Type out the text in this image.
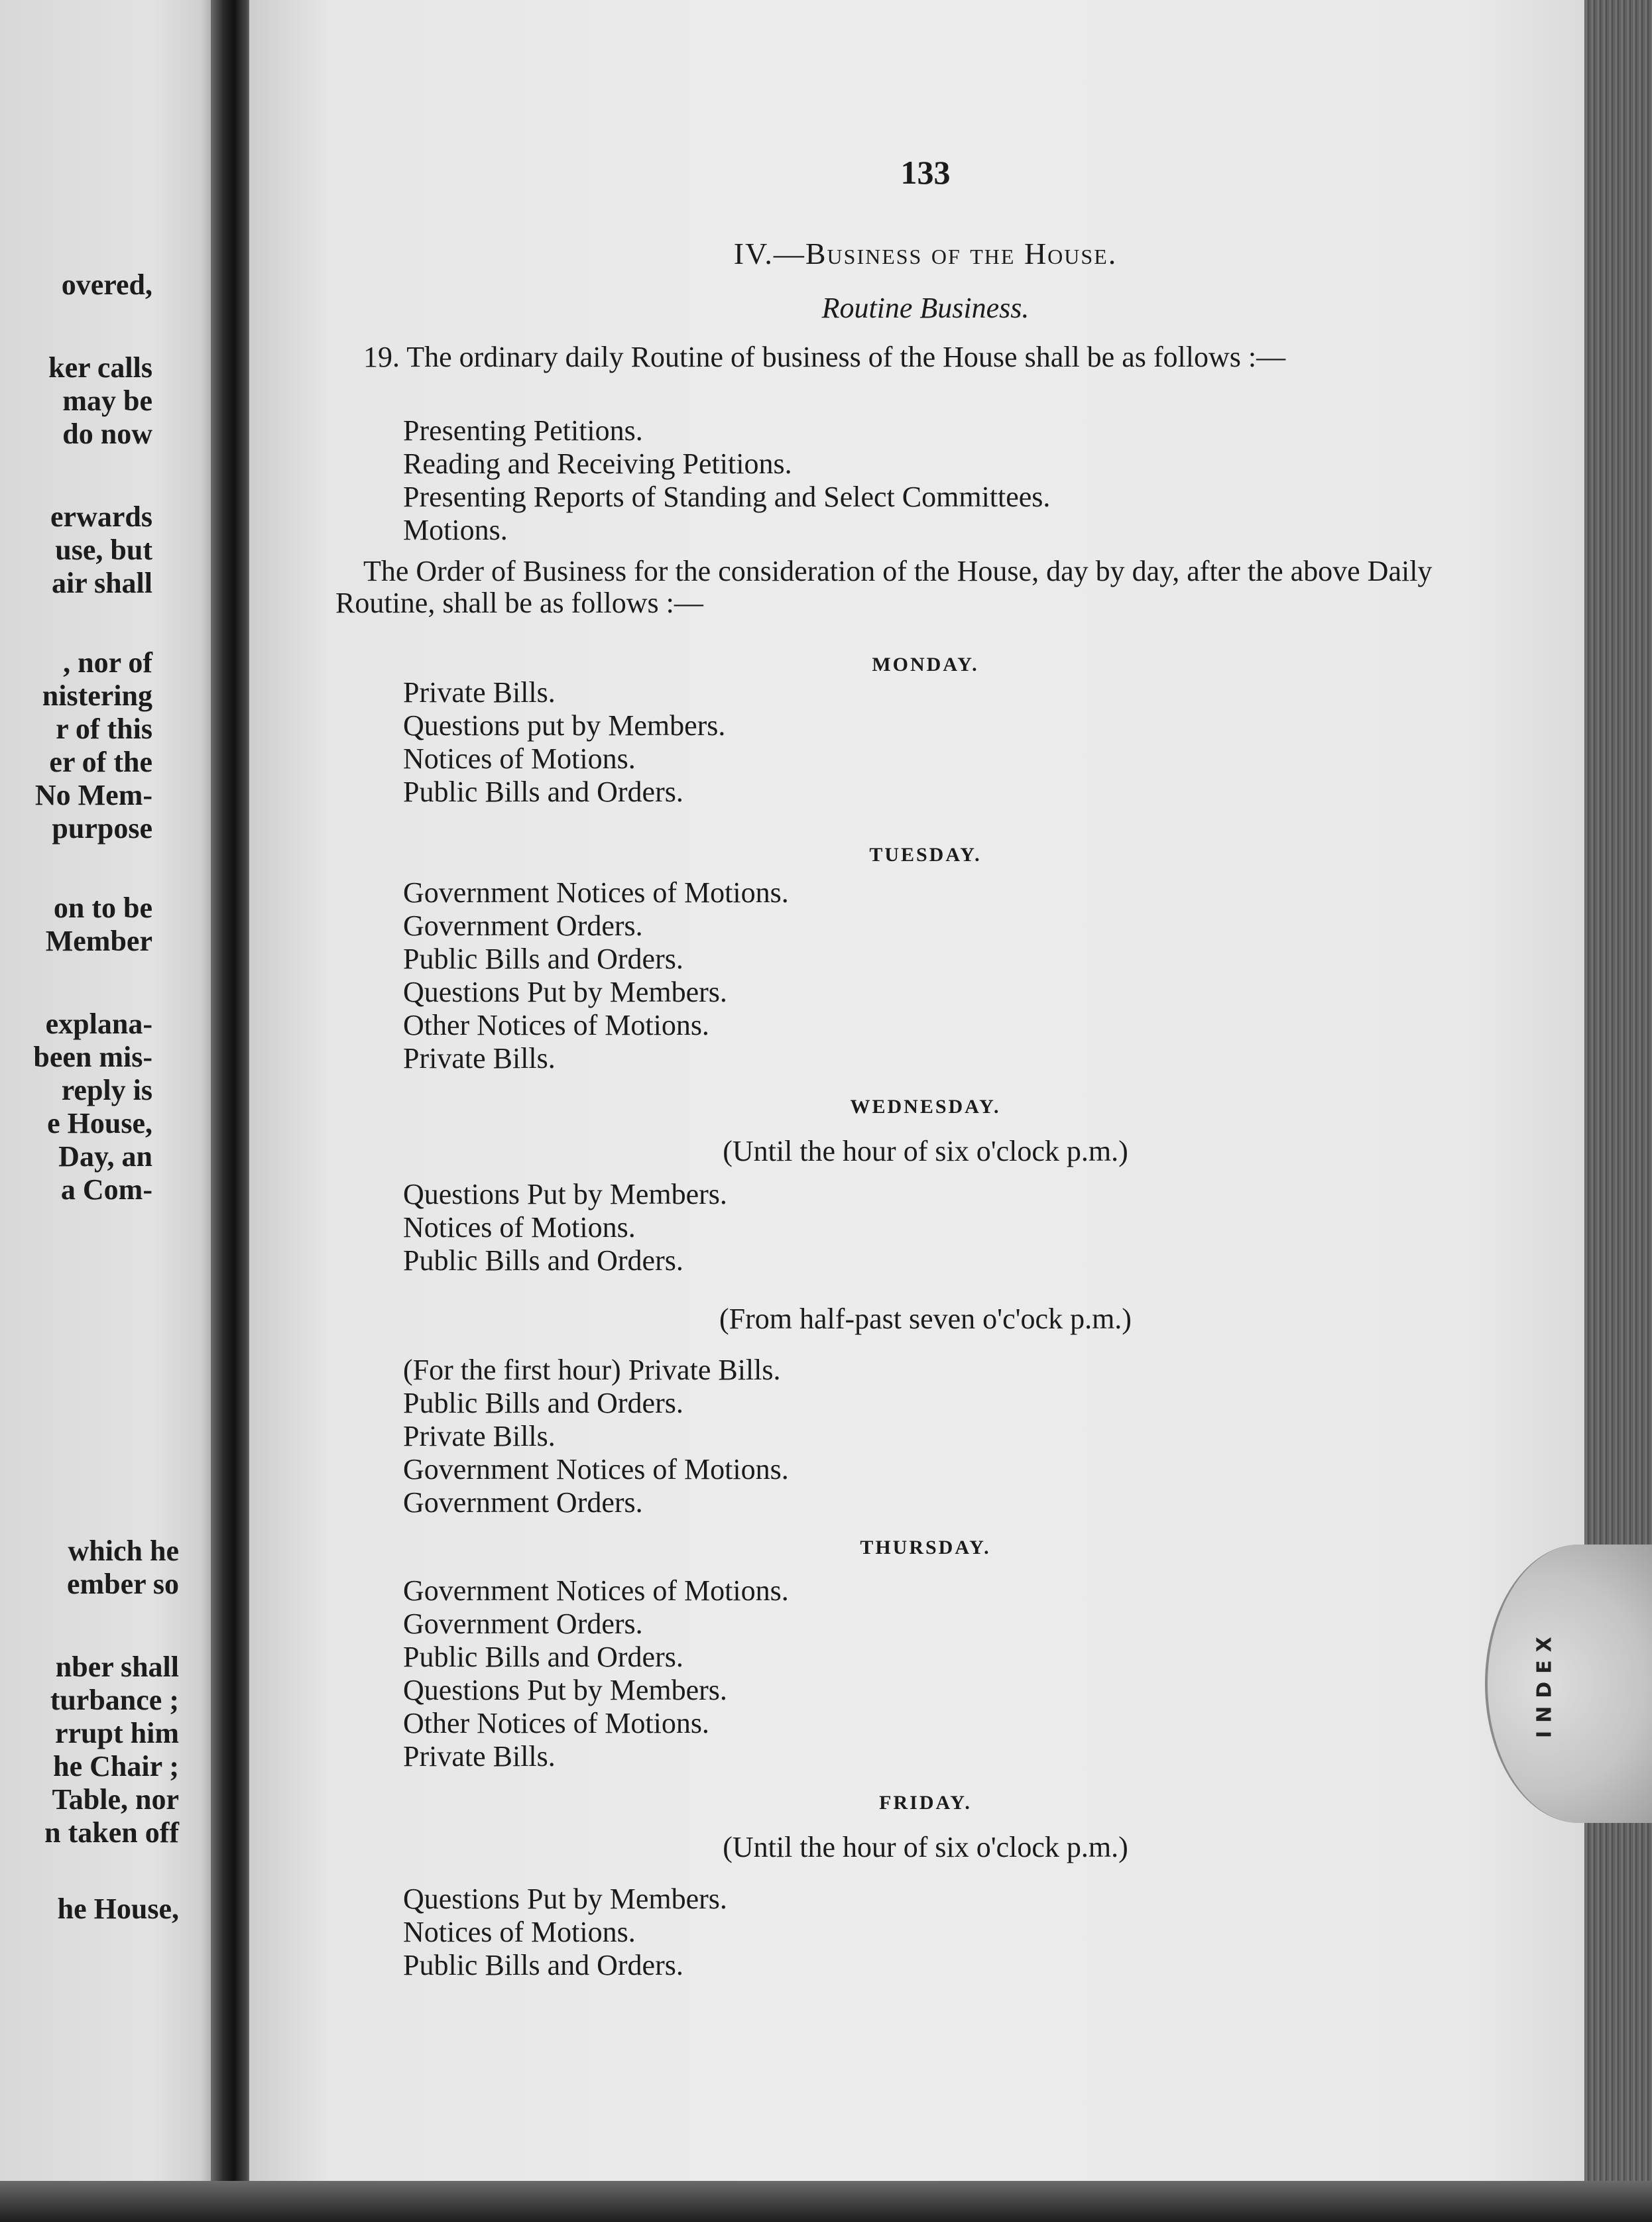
overed,
ker calls
may be
do now
erwards
use, but
air shall
, nor of
nistering
r of this
er of the
No Mem-
purpose
on to be
Member
explana-
been mis-
reply is
e House,
Day, an
a Com-
which he
ember so
nber shall
turbance ;
rrupt him
he Chair ;
Table, nor
n taken off
he House,
133
IV.—Business of the House.
Routine Business.
19. The ordinary daily Routine of business of the House shall be as follows :—
Presenting Petitions.
Reading and Receiving Petitions.
Presenting Reports of Standing and Select Committees.
Motions.
The Order of Business for the consideration of the House, day by day, after the above Daily Routine, shall be as follows :—
MONDAY.
Private Bills.
Questions put by Members.
Notices of Motions.
Public Bills and Orders.
TUESDAY.
Government Notices of Motions.
Government Orders.
Public Bills and Orders.
Questions Put by Members.
Other Notices of Motions.
Private Bills.
WEDNESDAY.
(Until the hour of six o'clock p.m.)
Questions Put by Members.
Notices of Motions.
Public Bills and Orders.
(From half-past seven o'c'ock p.m.)
(For the first hour) Private Bills.
Public Bills and Orders.
Private Bills.
Government Notices of Motions.
Government Orders.
THURSDAY.
Government Notices of Motions.
Government Orders.
Public Bills and Orders.
Questions Put by Members.
Other Notices of Motions.
Private Bills.
FRIDAY.
(Until the hour of six o'clock p.m.)
Questions Put by Members.
Notices of Motions.
Public Bills and Orders.
INDEX
